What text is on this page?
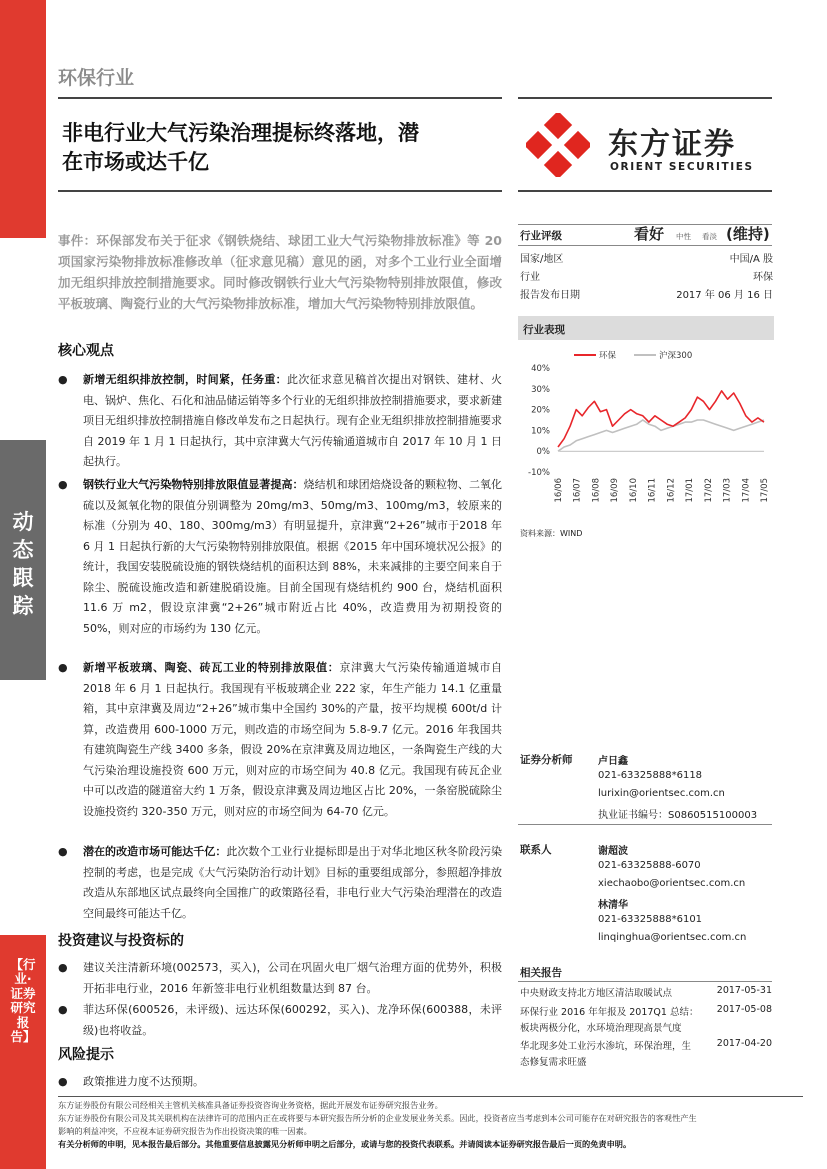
动态跟踪
【行业·证券研究报告】
环保行业
非电行业大气污染治理提标终落地，潜
在市场或达千亿	东方证券
ORIENT SECURITIES
事件：环保部发布关于征求《钢铁烧结、球团工业大气污染物排放标准》等 20 项国家污染物排放标准修改单（征求意见稿）意见的函，对多个工业行业全面增加无组织排放控制措施要求。同时修改钢铁行业大气污染物特别排放限值，修改平板玻璃、陶瓷行业的大气污染物排放标准，增加大气污染物特别排放限值。
核心观点
● 新增无组织排放控制，时间紧，任务重：此次征求意见稿首次提出对钢铁、建材、火电、锅炉、焦化、石化和油品储运销等多个行业的无组织排放控制措施要求，要求新建项目无组织排放控制措施自修改单发布之日起执行。现有企业无组织排放控制措施要求自 2019 年 1 月 1 日起执行，其中京津冀大气污传输通道城市自 2017 年 10 月 1 日起执行。
● 钢铁行业大气污染物特别排放限值显著提高：烧结机和球团焙烧设备的颗粒物、二氧化硫以及氮氧化物的限值分别调整为 20mg/m3、50mg/m3、100mg/m3，较原来的标准（分别为 40、180、300mg/m3）有明显提升，京津冀“2+26”城市于2018 年 6 月 1 日起执行新的大气污染物特别排放限值。根据《2015 年中国环境状况公报》的统计，我国安装脱硫设施的钢铁烧结机的面积达到 88%，未来减排的主要空间来自于除尘、脱硫设施改造和新建脱硝设施。目前全国现有烧结机约 900 台，烧结机面积 11.6 万 m2，假设京津冀“2+26”城市附近占比 40%，改造费用为初期投资的 50%，则对应的市场约为 130 亿元。
● 新增平板玻璃、陶瓷、砖瓦工业的特别排放限值：京津冀大气污染传输通道城市自2018 年 6 月 1 日起执行。我国现有平板玻璃企业 222 家，年生产能力 14.1 亿重量箱，其中京津冀及周边“2+26”城市集中全国约 30%的产量，按平均规模 600t/d 计算，改造费用 600-1000 万元，则改造的市场空间为 5.8-9.7 亿元。2016 年我国共有建筑陶瓷生产线 3400 多条，假设 20%在京津冀及周边地区，一条陶瓷生产线的大气污染治理设施投资 600 万元，则对应的市场空间为 40.8 亿元。我国现有砖瓦企业中可以改造的隧道窑大约 1 万条，假设京津冀及周边地区占比 20%，一条窑脱硫除尘设施投资约 320-350 万元，则对应的市场空间为 64-70 亿元。
● 潜在的改造市场可能达千亿：此次数个工业行业提标即是出于对华北地区秋冬阶段污染控制的考虑，也是完成《大气污染防治行动计划》目标的重要组成部分，参照超净排放改造从东部地区试点最终向全国推广的政策路径看，非电行业大气污染治理潜在的改造空间最终可能达千亿。
投资建议与投资标的
● 建议关注清新环境(002573，买入)，公司在巩固火电厂烟气治理方面的优势外，积极开拓非电行业，2016 年新签非电行业机组数量达到 87 台。
● 菲达环保(600526，未评级)、远达环保(600292，买入)、龙净环保(600388，未评级)也将收益。
风险提示
● 政策推进力度不达预期。
行业评级	看好 中性 看淡 (维持)
国家/地区	中国/A 股
行业	环保
报告发布日期	2017 年 06 月 16 日
行业表现
环保	沪深300
40%
30%
20%
10%
0%
-10%
16/06 16/07 16/08 16/09 16/10 16/11 16/12 17/01 17/02 17/03 17/04 17/05
资料来源：WIND
证券分析师	卢日鑫
021-63325888*6118
lurixin@orientsec.com.cn
执业证书编号：S0860515100003
联系人	谢超波
021-63325888-6070
xiechaobo@orientsec.com.cn
林清华
021-63325888*6101
linqinghua@orientsec.com.cn
相关报告
中央财政支持北方地区清洁取暖试点	2017-05-31
环保行业 2016 年年报及 2017Q1 总结：
板块两极分化，水环境治理现高景气度
2017-05-08
华北现多处工业污水渗坑，环保治理，生
态修复需求旺盛
2017-04-20
东方证券股份有限公司经相关主管机关核准具备证券投资咨询业务资格，据此开展发布证券研究报告业务。
东方证券股份有限公司及其关联机构在法律许可的范围内正在或将要与本研究报告所分析的企业发展业务关系。因此，投资者应当考虑到本公司可能存在对研究报告的客观性产生
影响的利益冲突，不应视本证券研究报告为作出投资决策的唯一因素。
有关分析师的申明，见本报告最后部分。其他重要信息披露见分析师申明之后部分，或请与您的投资代表联系。并请阅读本证券研究报告最后一页的免责申明。
